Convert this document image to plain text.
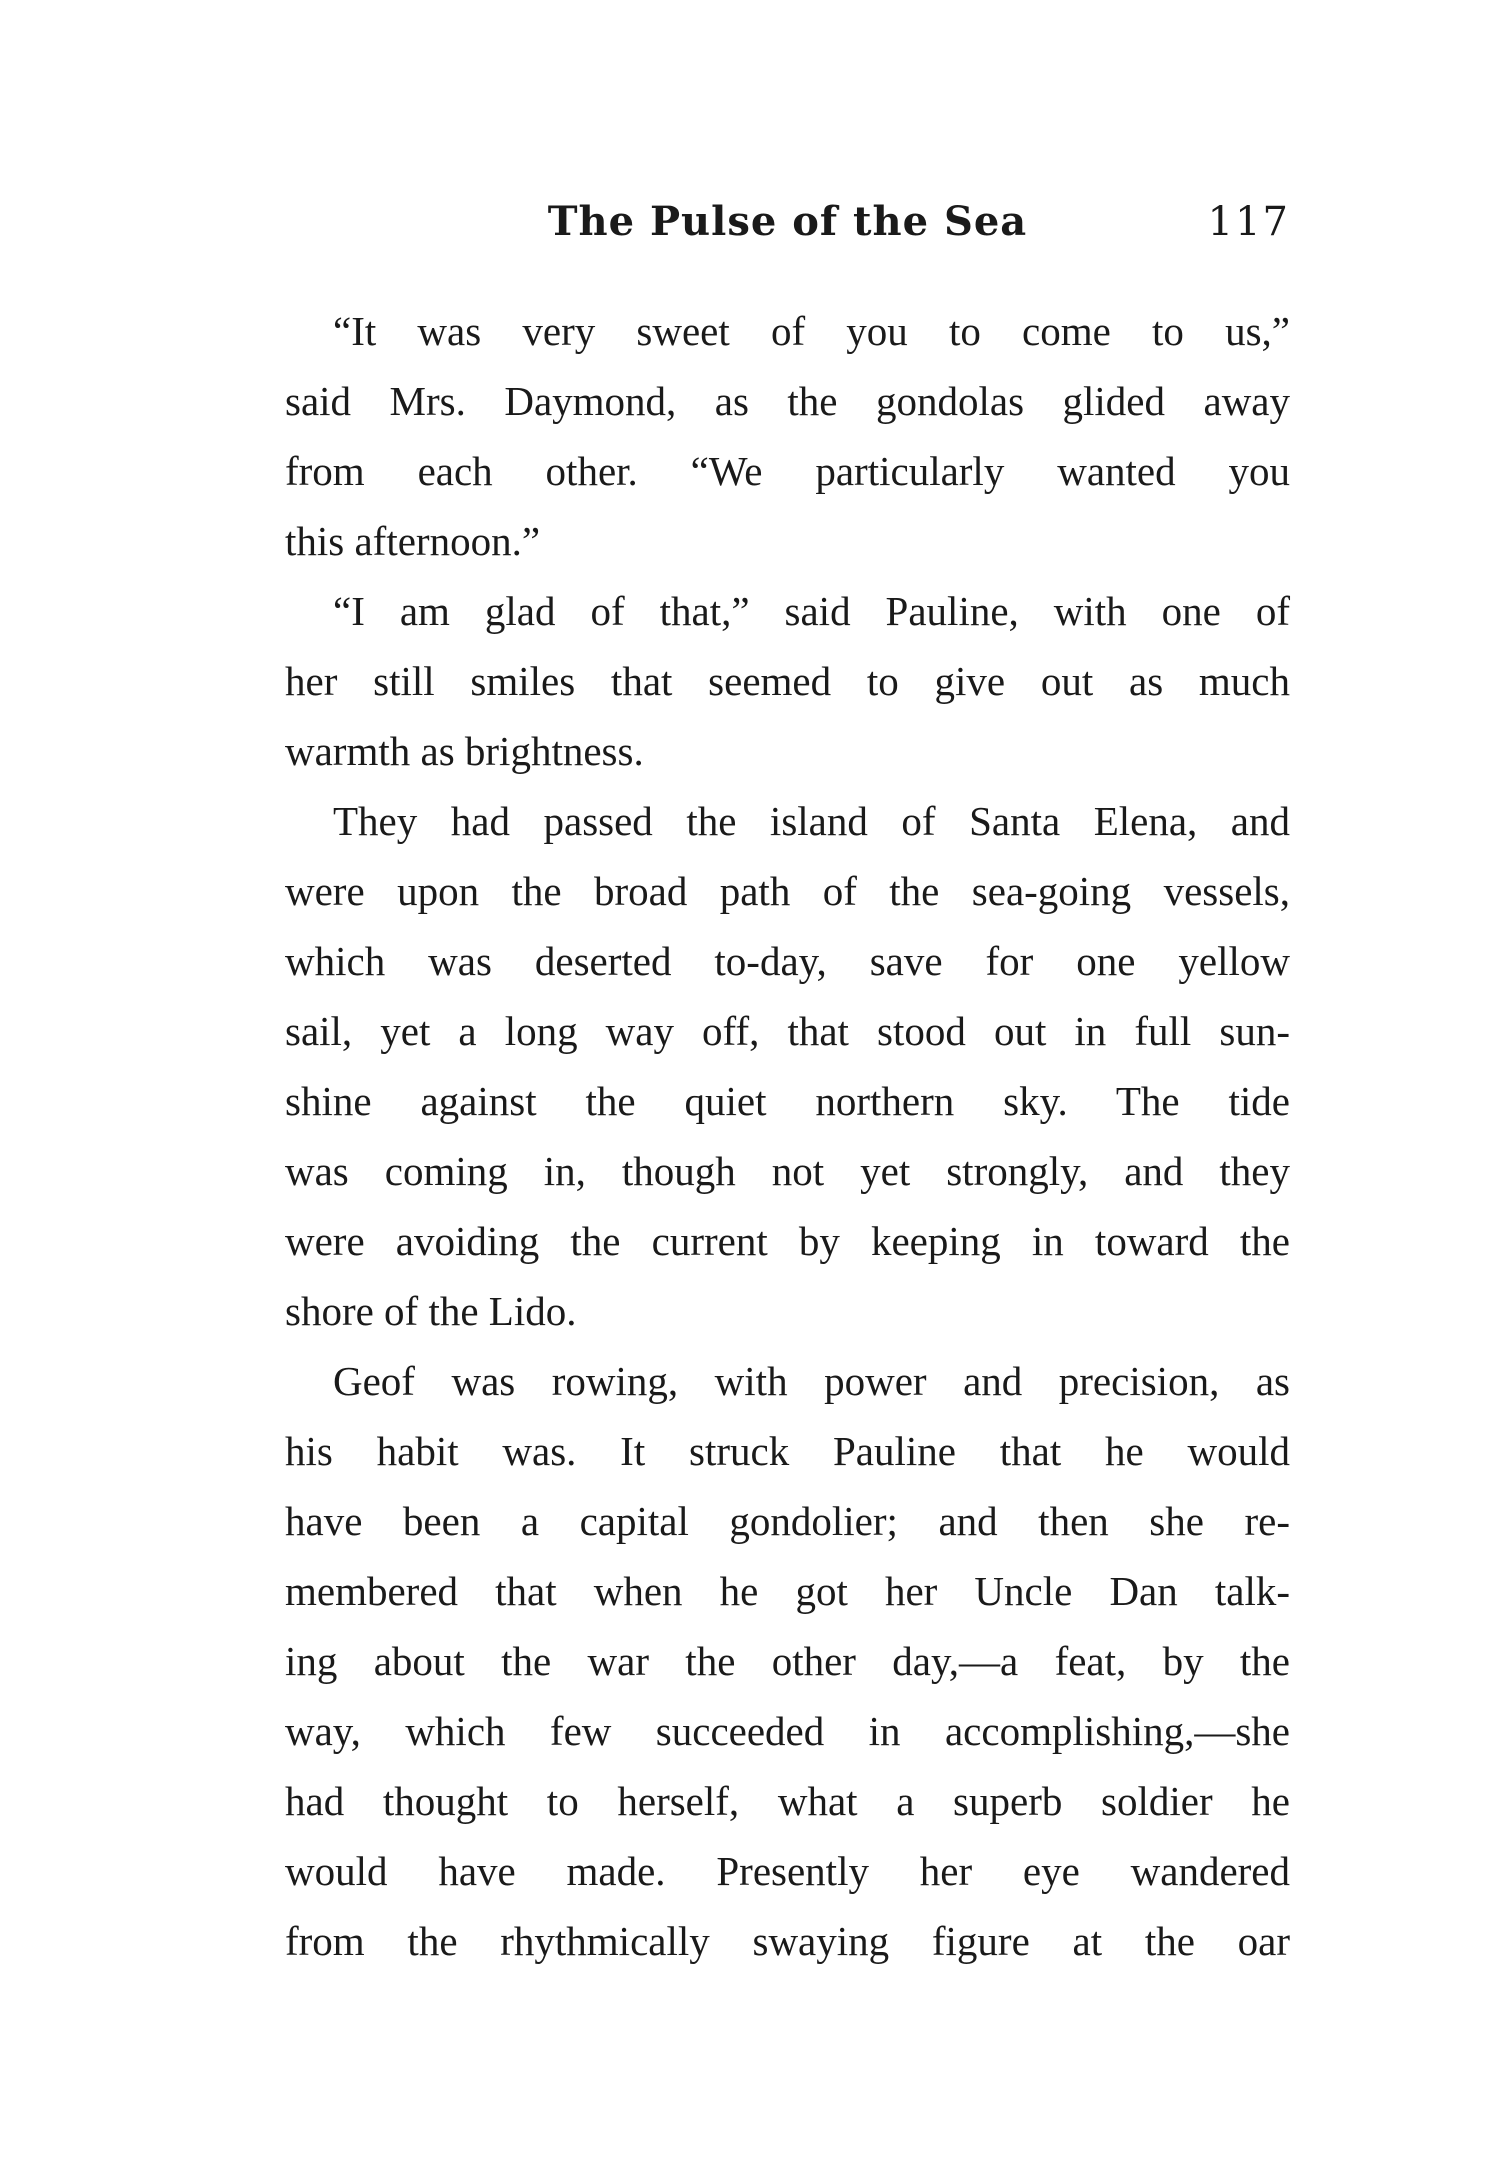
The Pulse of the Sea	117
“It was very sweet of you to come to us,”
said Mrs. Daymond, as the gondolas glided away
from each other. “We particularly wanted you
this afternoon.”
“I am glad of that,” said Pauline, with one of
her still smiles that seemed to give out as much
warmth as brightness.
They had passed the island of Santa Elena, and
were upon the broad path of the sea-going vessels,
which was deserted to-day, save for one yellow
sail, yet a long way off, that stood out in full sun-
shine against the quiet northern sky. The tide
was coming in, though not yet strongly, and they
were avoiding the current by keeping in toward the
shore of the Lido.
Geof was rowing, with power and precision, as
his habit was. It struck Pauline that he would
have been a capital gondolier; and then she re-
membered that when he got her Uncle Dan talk-
ing about the war the other day,—a feat, by the
way, which few succeeded in accomplishing,—she
had thought to herself, what a superb soldier he
would have made. Presently her eye wandered
from the rhythmically swaying figure at the oar
